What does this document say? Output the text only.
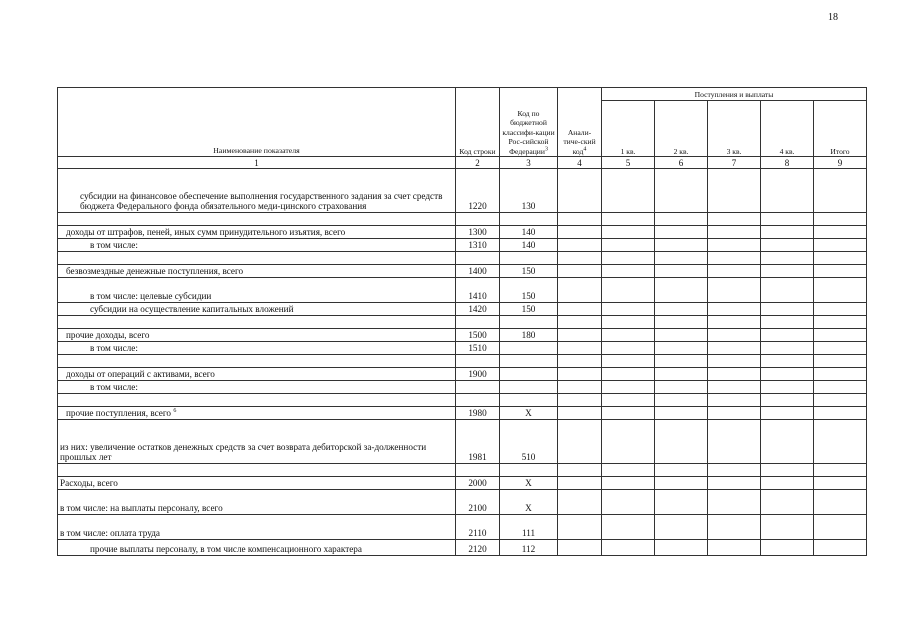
18
Наименование показателя	Код строки	Код по бюджетной классифи-кации Рос-сийской Федерации$^3$	Анали-тиче-ский код$^4$	Поступления и выплаты				
				1 кв.	2 кв.	3 кв.	4 кв.	Итого
1	2	3	4	5	6	7	8	9
субсидии на финансовое обеспечение выполнения государственного задания за счет средств бюджета Федерального фонда обязательного меди-цинского страхования	1220	130						

доходы от штрафов, пеней, иных сумм принудительного изъятия, всего	1300	140						
в том числе:	1310	140						

безвозмездные денежные поступления, всего	1400	150						
в том числе: целевые субсидии	1410	150						
субсидии на осуществление капитальных вложений	1420	150						

прочие доходы, всего	1500	180						
в том числе:	1510							

доходы от операций с активами, всего	1900							
в том числе:								

прочие поступления, всего $^6$	1980	X						
из них: увеличение остатков денежных средств за счет возврата дебиторской за-долженности прошлых лет	1981	510						

Расходы, всего	2000	X						
в том числе: на выплаты персоналу, всего	2100	X						
в том числе: оплата труда	2110	111						
прочие выплаты персоналу, в том числе компенсационного характера	2120	112						
